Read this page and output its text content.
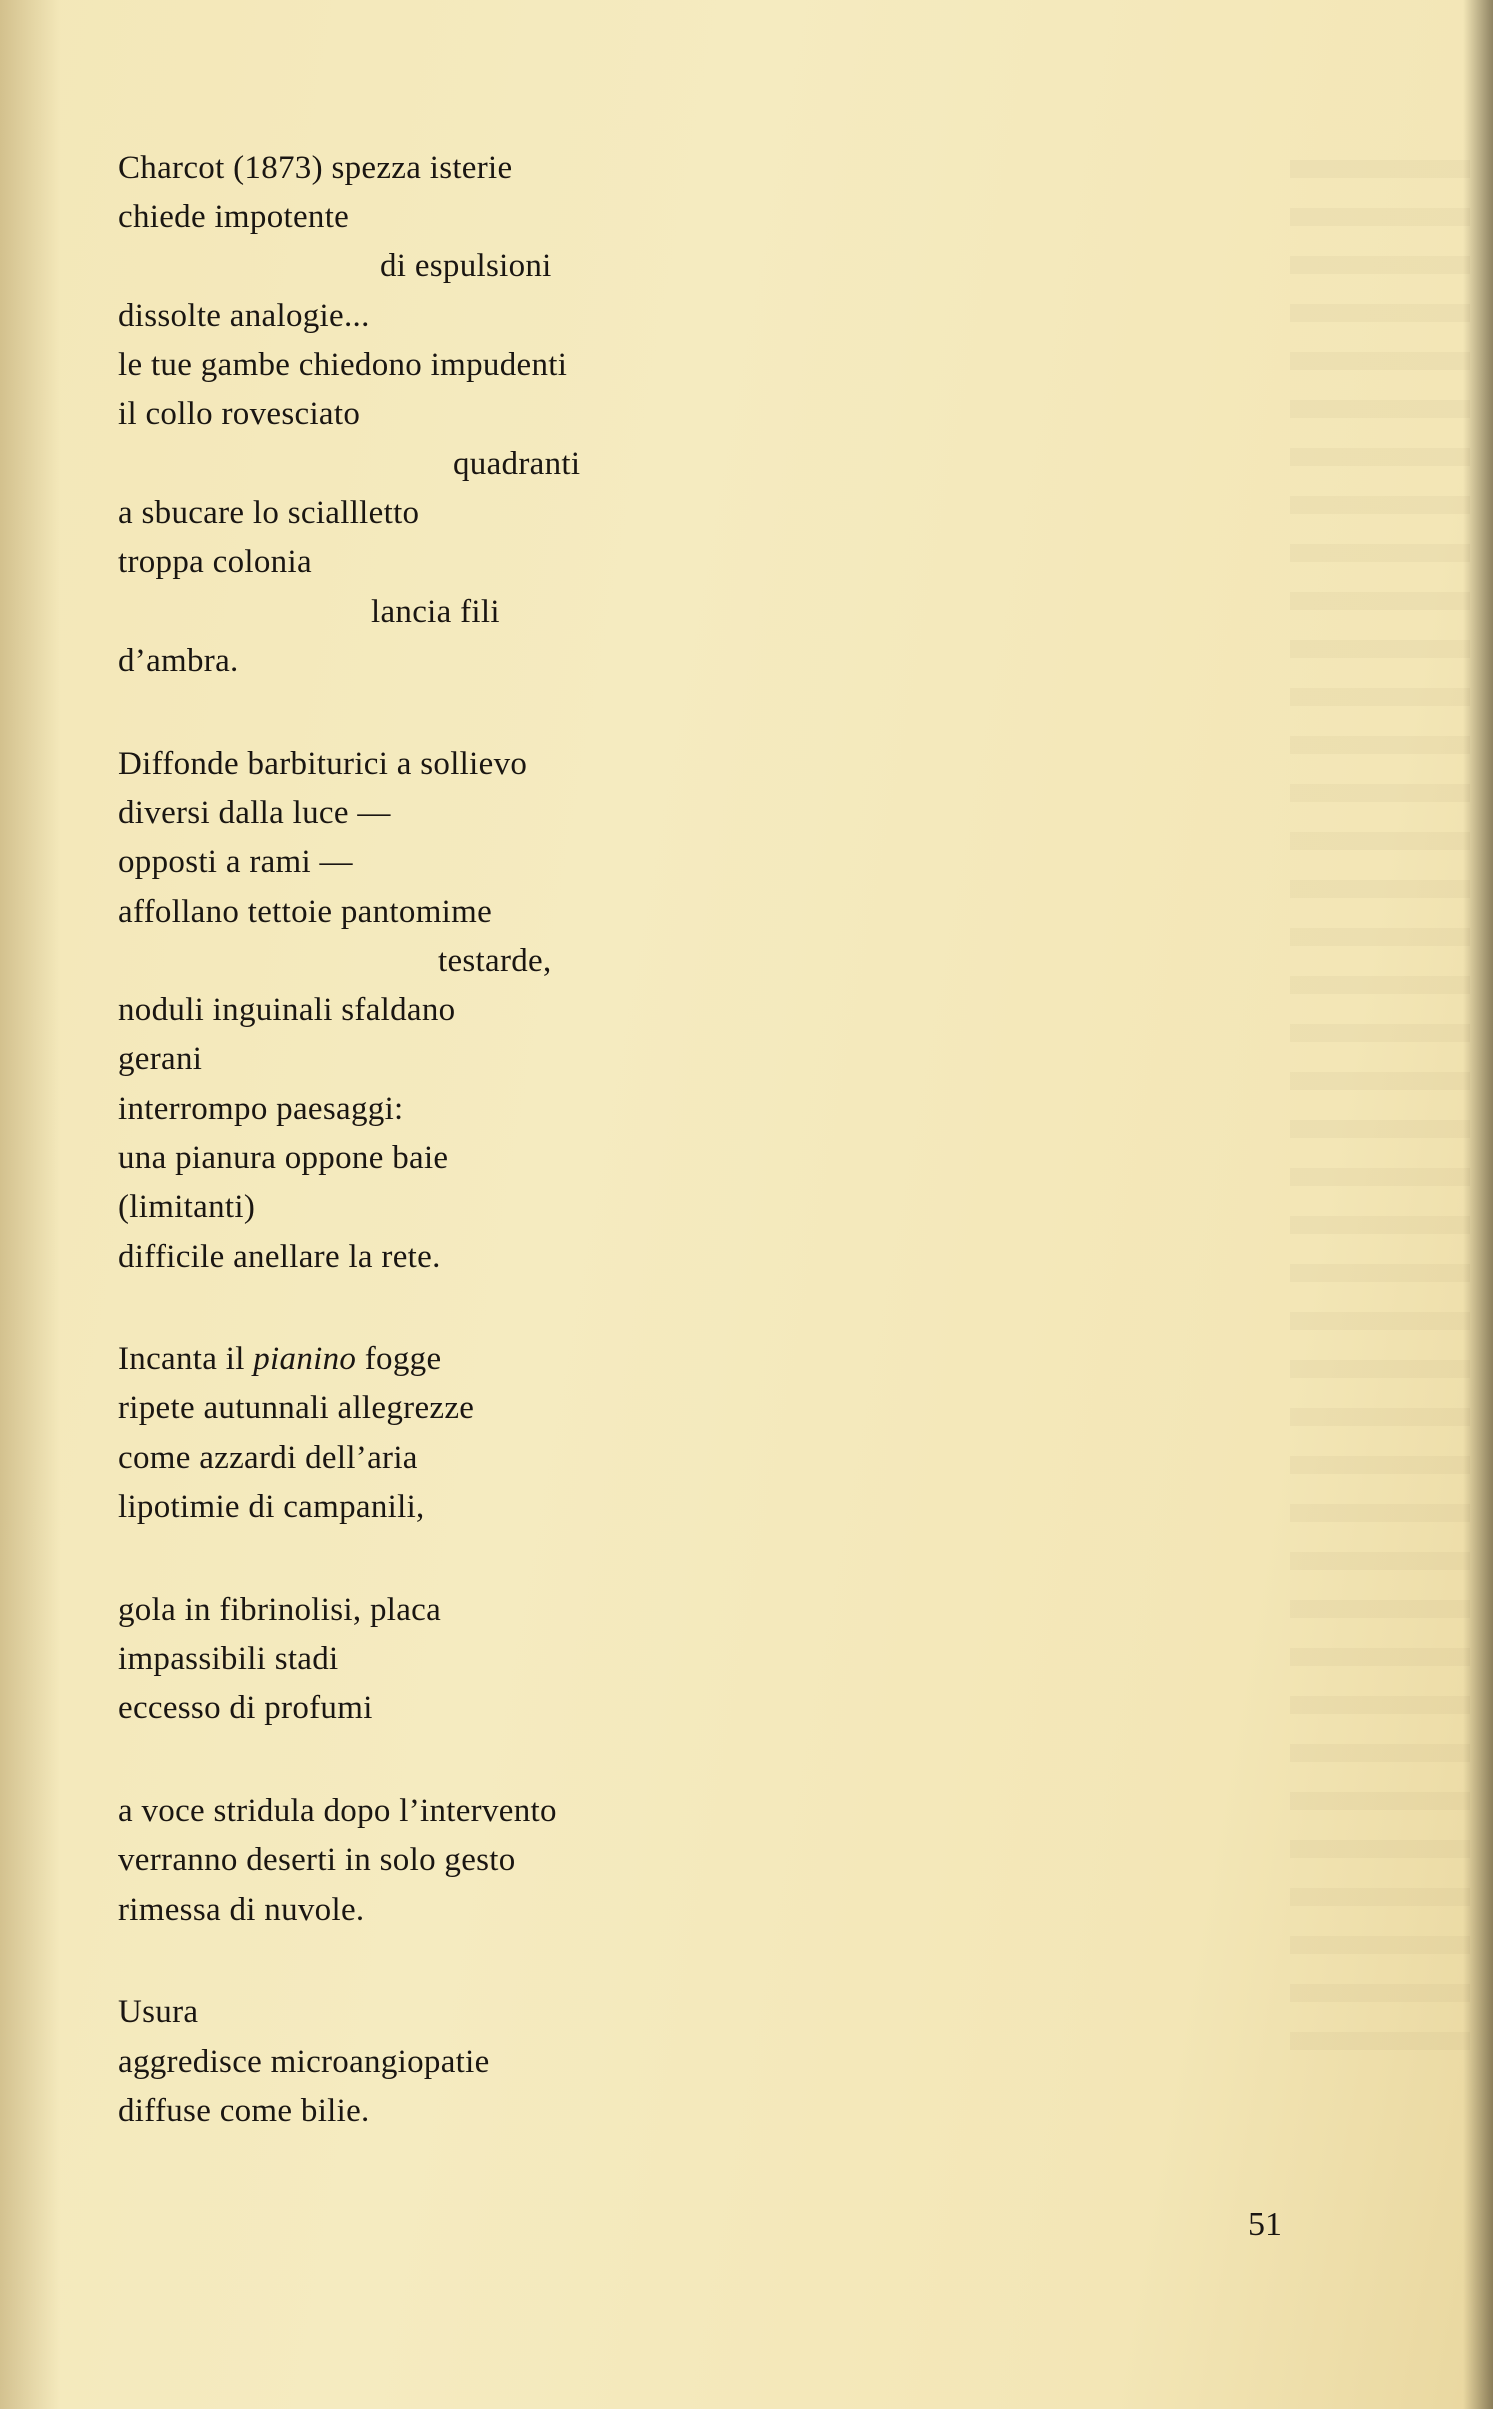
Charcot (1873) spezza isterie
chiede impotente
di espulsioni
dissolte analogie...
le tue gambe chiedono impudenti
il collo rovesciato
quadranti
a sbucare lo sciallletto
troppa colonia
lancia fili
d’ambra.
Diffonde barbiturici a sollievo
diversi dalla luce —
opposti a rami —
affollano tettoie pantomime
testarde,
noduli inguinali sfaldano
gerani
interrompo paesaggi:
una pianura oppone baie
(limitanti)
difficile anellare la rete.
Incanta il pianino fogge
ripete autunnali allegrezze
come azzardi dell’aria
lipotimie di campanili,
gola in fibrinolisi, placa
impassibili stadi
eccesso di profumi
a voce stridula dopo l’intervento
verranno deserti in solo gesto
rimessa di nuvole.
Usura
aggredisce microangiopatie
diffuse come bilie.
51
